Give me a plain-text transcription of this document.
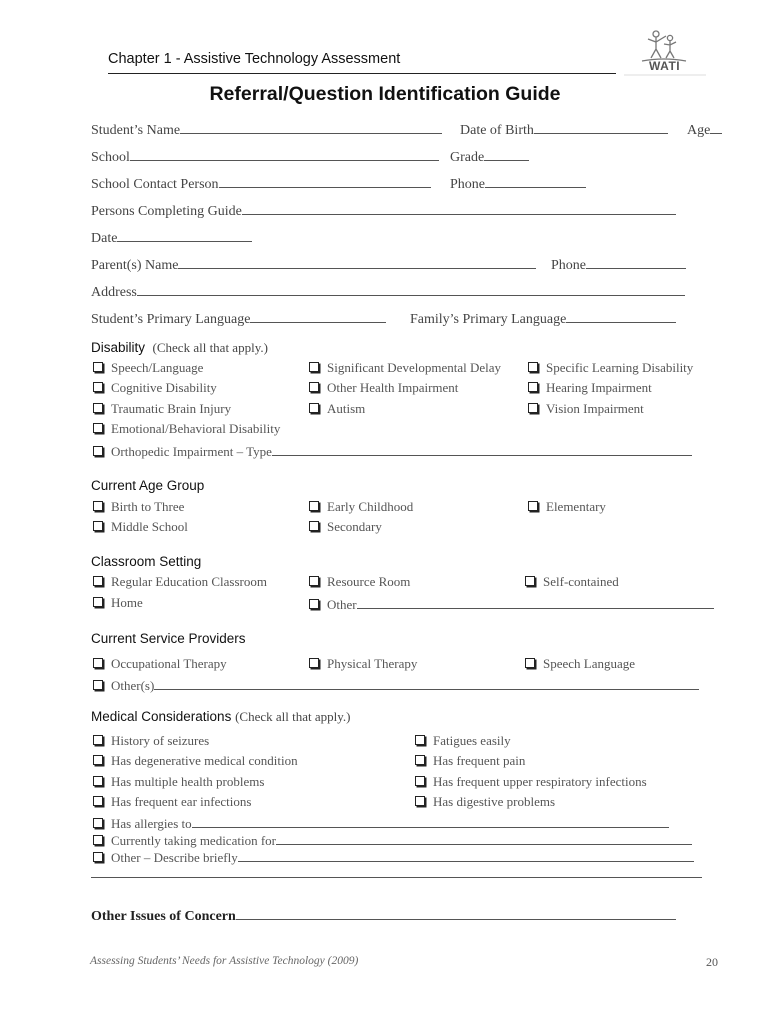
Chapter 1 - Assistive Technology Assessment	WATI
Referral/Question Identification Guide
Student’s Name	Date of Birth	Age
School	Grade
School Contact Person	Phone
Persons Completing Guide
Date
Parent(s) Name	Phone
Address
Student’s Primary Language	Family’s Primary Language
Disability (Check all that apply.)
Speech/Language	Significant Developmental Delay	Specific Learning Disability
Cognitive Disability	Other Health Impairment	Hearing Impairment
Traumatic Brain Injury	Autism	Vision Impairment
Emotional/Behavioral Disability
Orthopedic Impairment – Type
Current Age Group
Birth to Three	Early Childhood	Elementary
Middle School	Secondary
Classroom Setting
Regular Education Classroom	Resource Room	Self-contained
Home	Other
Current Service Providers
Occupational Therapy	Physical Therapy	Speech Language
Other(s)
Medical Considerations (Check all that apply.)
History of seizures	Fatigues easily
Has degenerative medical condition	Has frequent pain
Has multiple health problems	Has frequent upper respiratory infections
Has frequent ear infections	Has digestive problems
Has allergies to
Currently taking medication for
Other – Describe briefly
Other Issues of Concern
Assessing Students’ Needs for Assistive Technology (2009)	20
